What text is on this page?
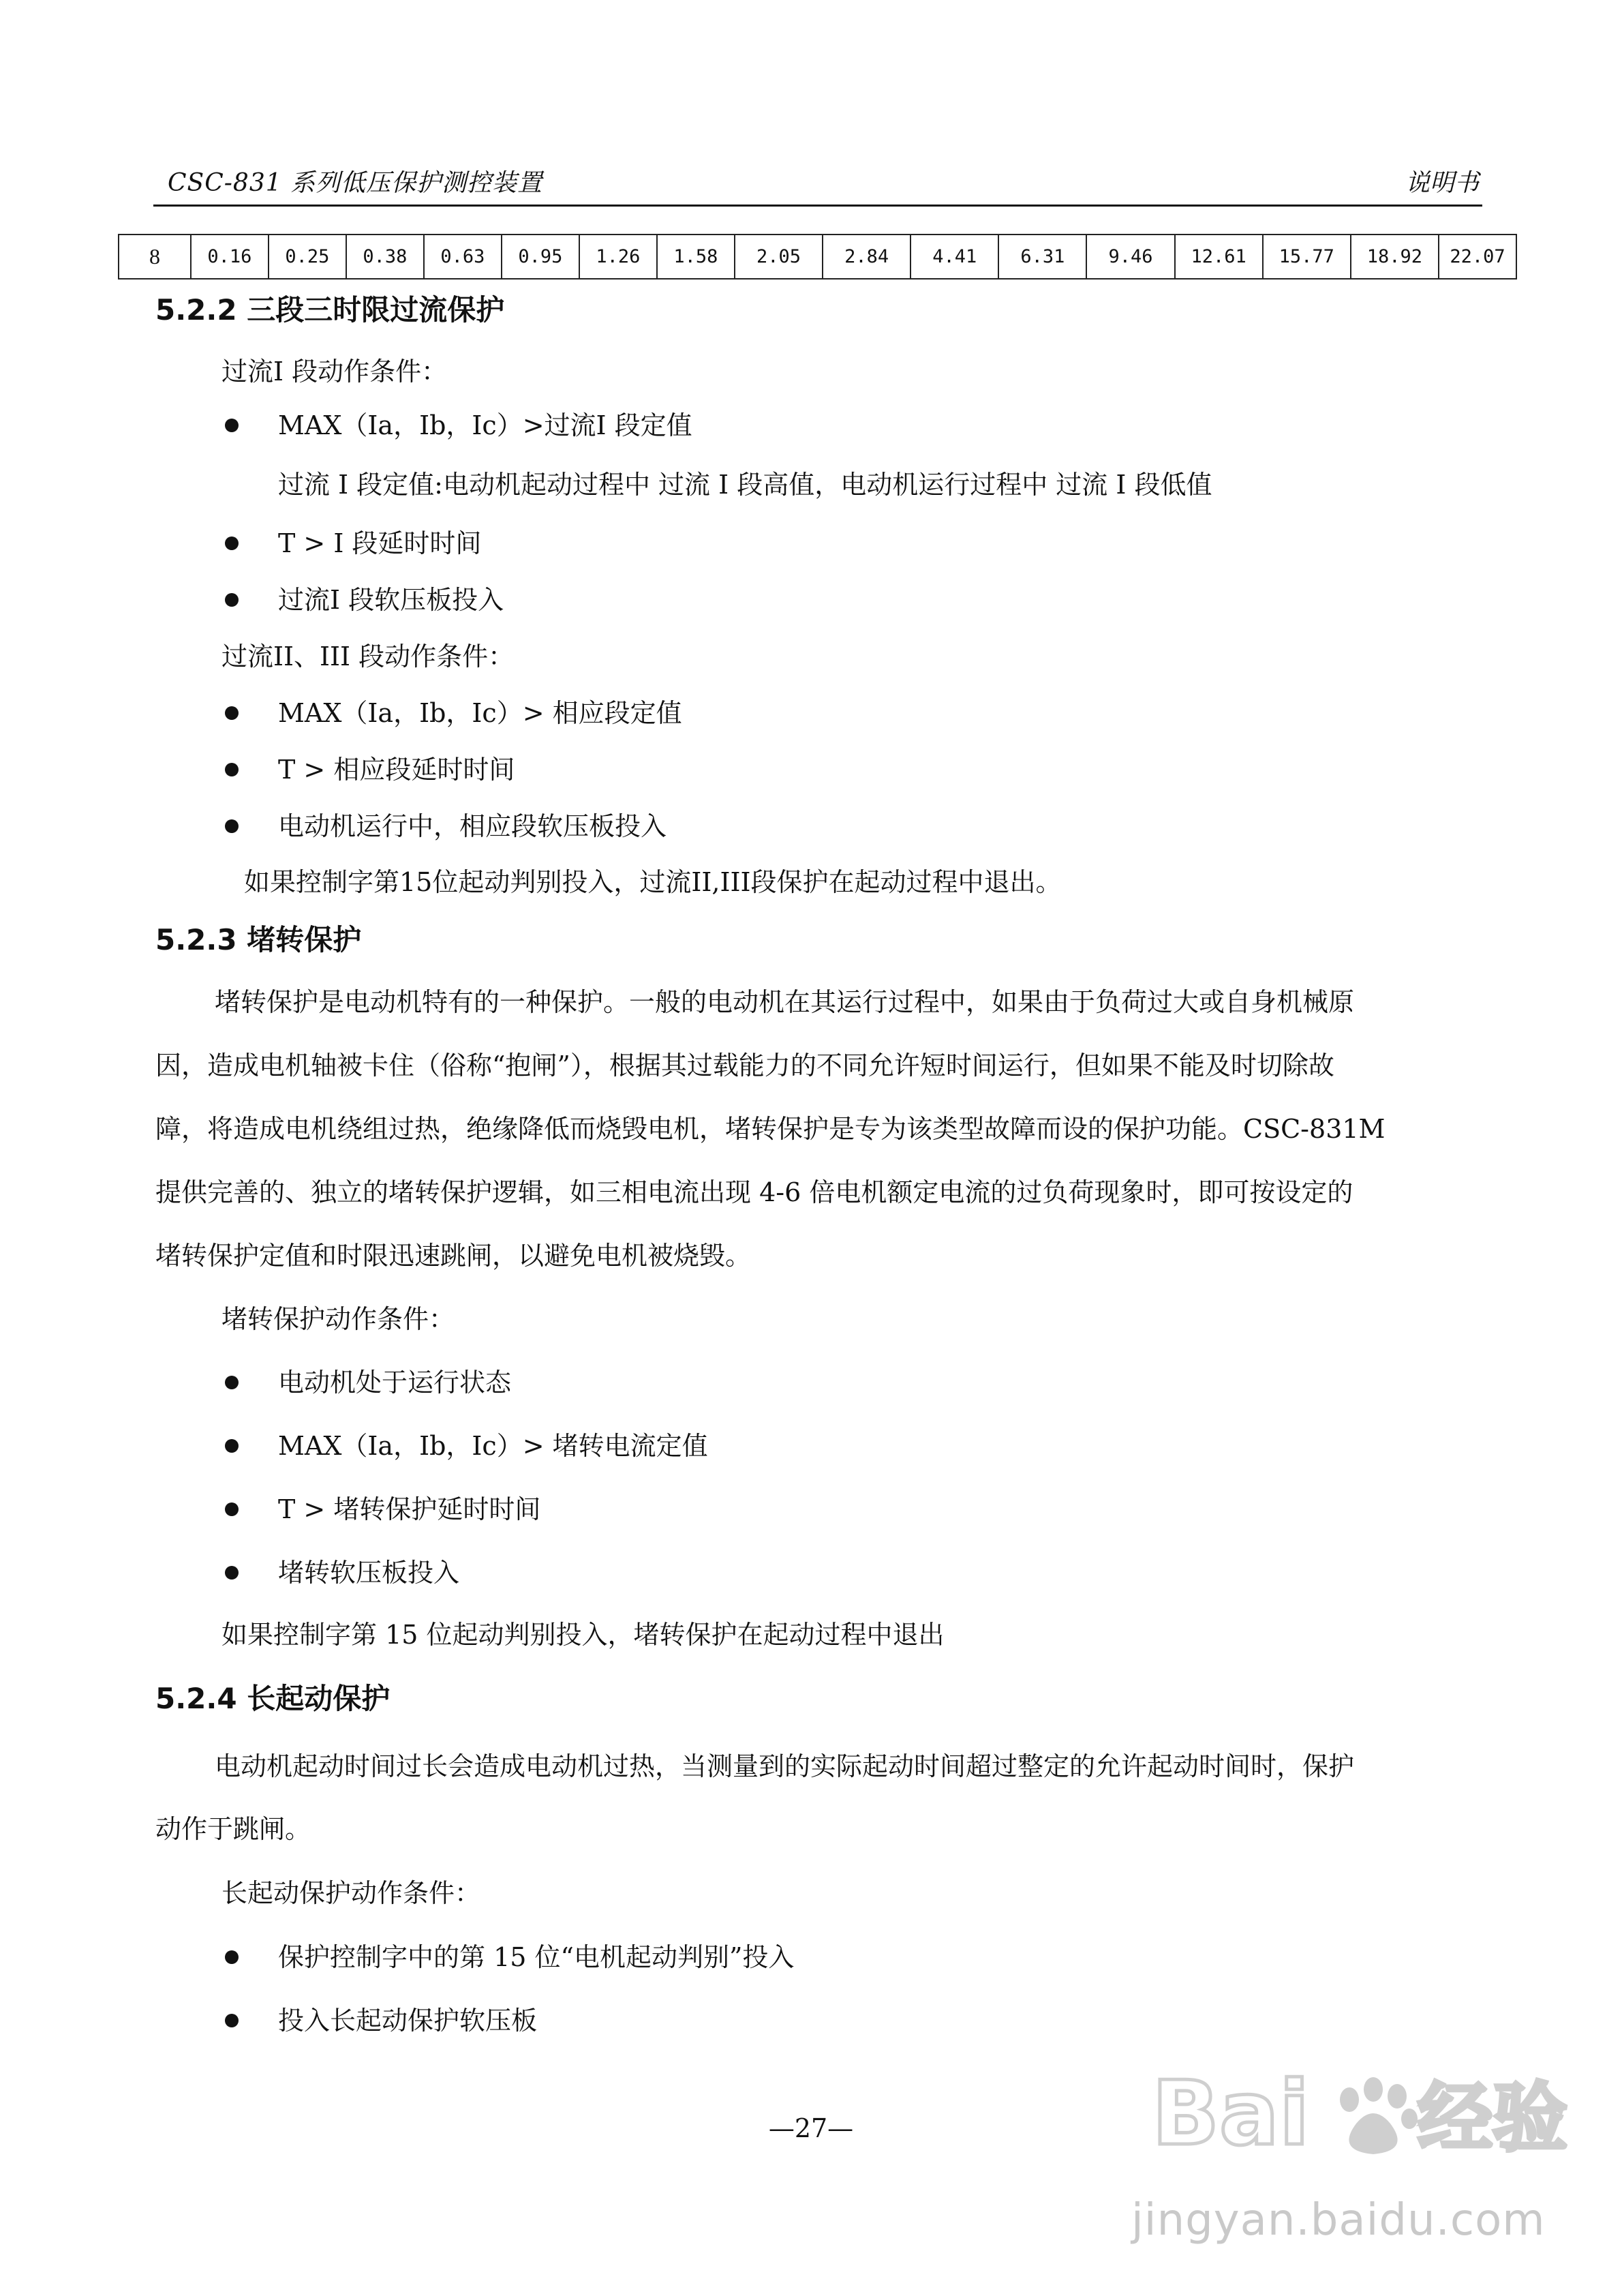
CSC-831 系列低压保护测控装置	说明书
8	0.16	0.25	0.38	0.63	0.95	1.26	1.58	2.05	2.84	4.41	6.31	9.46	12.61	15.77	18.92	22.07
5.2.2 三段三时限过流保护
过流I 段动作条件：
MAX（Ia，Ib，Ic）>过流I 段定值
过流 I 段定值:电动机起动过程中 过流 I 段高值，电动机运行过程中 过流 I 段低值
T > I 段延时时间
过流I 段软压板投入
过流II、III 段动作条件：
MAX（Ia，Ib，Ic）> 相应段定值
T > 相应段延时时间
电动机运行中，相应段软压板投入
如果控制字第15位起动判别投入，过流II,III段保护在起动过程中退出。
5.2.3 堵转保护
堵转保护是电动机特有的一种保护。一般的电动机在其运行过程中，如果由于负荷过大或自身机械原
因，造成电机轴被卡住（俗称“抱闸”），根据其过载能力的不同允许短时间运行，但如果不能及时切除故
障，将造成电机绕组过热，绝缘降低而烧毁电机，堵转保护是专为该类型故障而设的保护功能。CSC-831M
提供完善的、独立的堵转保护逻辑，如三相电流出现 4-6 倍电机额定电流的过负荷现象时，即可按设定的
堵转保护定值和时限迅速跳闸，以避免电机被烧毁。
堵转保护动作条件：
电动机处于运行状态
MAX（Ia，Ib，Ic）> 堵转电流定值
T > 堵转保护延时时间
堵转软压板投入
如果控制字第 15 位起动判别投入，堵转保护在起动过程中退出
5.2.4 长起动保护
电动机起动时间过长会造成电动机过热，当测量到的实际起动时间超过整定的允许起动时间时，保护
动作于跳闸。
长起动保护动作条件：
保护控制字中的第 15 位“电机起动判别”投入
投入长起动保护软压板
—27—	Bai 经验
jingyan.baidu.com
